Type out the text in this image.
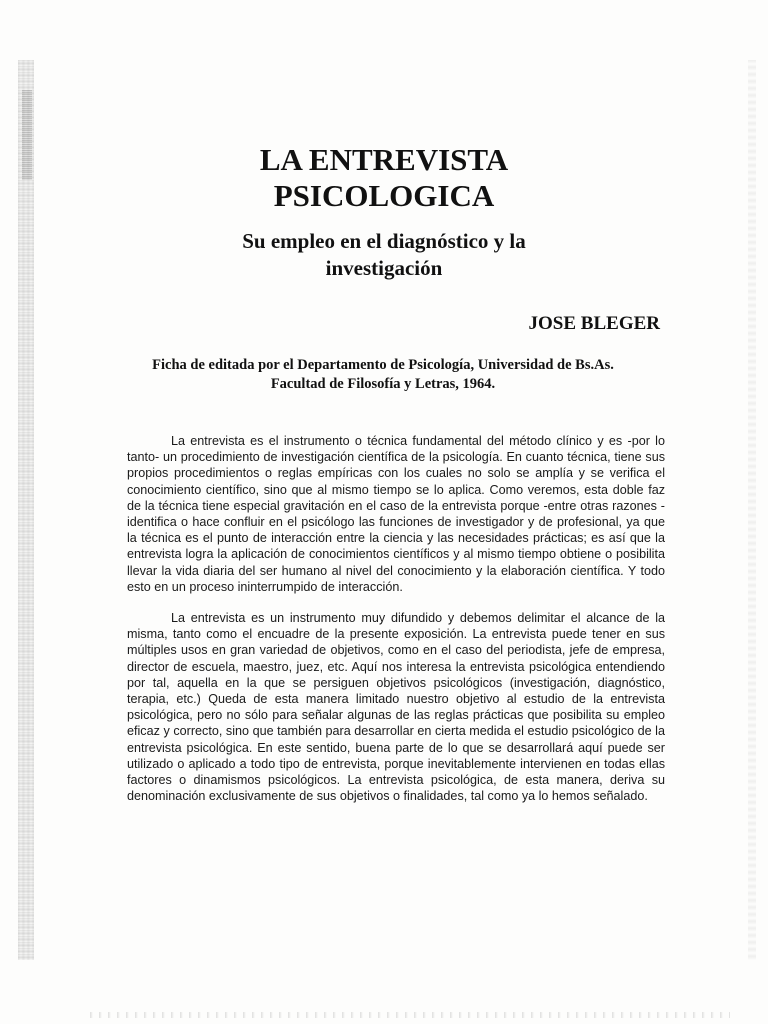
LA ENTREVISTA
PSICOLOGICA
Su empleo en el diagnóstico y la
investigación
JOSE BLEGER
Ficha de editada por el Departamento de Psicología, Universidad de Bs.As.
Facultad de Filosofía y Letras, 1964.

La entrevista es el instrumento o técnica fundamental del método clínico y es -por lo tanto- un procedimiento de investigación científica de la psicología. En cuanto técnica, tiene sus propios procedimientos o reglas empíricas con los cuales no solo se amplía y se verifica el conocimiento científico, sino que al mismo tiempo se lo aplica. Como veremos, esta doble faz de la técnica tiene especial gravitación en el caso de la entrevista porque -entre otras razones - identifica o hace confluir en el psicólogo las funciones de investigador y de profesional, ya que la técnica es el punto de interacción entre la ciencia y las necesidades prácticas; es así que la entrevista logra la aplicación de conocimientos científicos y al mismo tiempo obtiene o posibilita llevar la vida diaria del ser humano al nivel del conocimiento y la elaboración científica. Y todo esto en un proceso ininterrumpido de interacción.

La entrevista es un instrumento muy difundido y debemos delimitar el alcance de la misma, tanto como el encuadre de la presente exposición. La entrevista puede tener en sus múltiples usos en gran variedad de objetivos, como en el caso del periodista, jefe de empresa, director de escuela, maestro, juez, etc. Aquí nos interesa la entrevista psicológica entendiendo por tal, aquella en la que se persiguen objetivos psicológicos (investigación, diagnóstico, terapia, etc.) Queda de esta manera limitado nuestro objetivo al estudio de la entrevista psicológica, pero no sólo para señalar algunas de las reglas prácticas que posibilita su empleo eficaz y correcto, sino que también para desarrollar en cierta medida el estudio psicológico de la entrevista psicológica. En este sentido, buena parte de lo que se desarrollará aquí puede ser utilizado o aplicado a todo tipo de entrevista, porque inevitablemente intervienen en todas ellas factores o dinamismos psicológicos. La entrevista psicológica, de esta manera, deriva su denominación exclusivamente de sus objetivos o finalidades, tal como ya lo hemos señalado.
